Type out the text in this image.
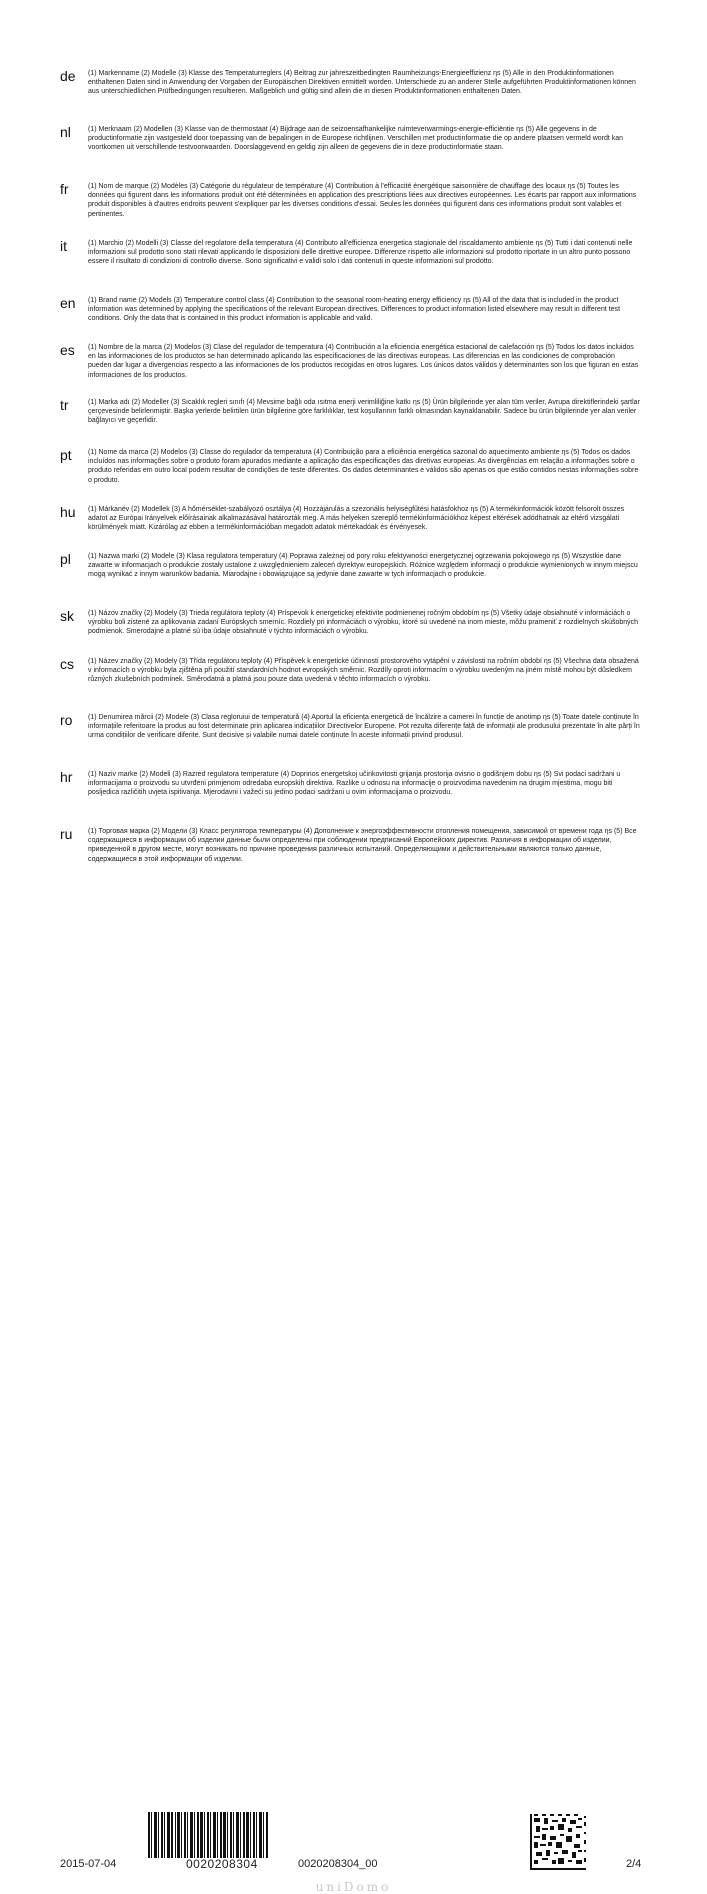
de	(1) Markenname (2) Modelle (3) Klasse des Temperaturreglers (4) Beitrag zur jahreszeitbedingten Raumheizungs-Energieeffizienz ηs (5) Alle in den Produktinformationen enthaltenen Daten sind in Anwendung der Vorgaben der Europäischen Direktiven ermittelt worden. Unterschiede zu an anderer Stelle aufgeführten Produktinformationen können aus unterschiedlichen Prüfbedingungen resultieren. Maßgeblich und gültig sind allein die in diesen Produktinformationen enthaltenen Daten.
nl	(1) Merknaam (2) Modellen (3) Klasse van de thermostaat (4) Bijdrage aan de seizoensafhankelijke ruimteverwarmings-energie-efficiëntie ηs (5) Alle gegevens in de productinformatie zijn vastgesteld door toepassing van de bepalingen in de Europese richtlijnen. Verschillen met productinformatie die op andere plaatsen vermeld wordt kan voortkomen uit verschillende testvoorwaarden. Doorslaggevend en geldig zijn alleen de gegevens die in deze productinformatie staan.
fr	(1) Nom de marque (2) Modèles (3) Catégorie du régulateur de température (4) Contribution à l'efficacité énergétique saisonnière de chauffage des locaux ηs (5) Toutes les données qui figurent dans les informations produit ont été déterminées en application des prescriptions liées aux directives européennes. Les écarts par rapport aux informations produit disponibles à d'autres endroits peuvent s'expliquer par les diverses conditions d'essai. Seules les données qui figurent dans ces informations produit sont valables et pertinentes.
it	(1) Marchio (2) Modelli (3) Classe del regolatore della temperatura (4) Contributo all'efficienza energetica stagionale del riscaldamento ambiente ηs (5) Tutti i dati contenuti nelle informazioni sul prodotto sono stati rilevati applicando le disposizioni delle direttive europee. Differenze rispetto alle informazioni sul prodotto riportate in un altro punto possono essere il risultato di condizioni di controllo diverse. Sono significativi e validi solo i dati contenuti in queste informazioni sul prodotto.
en	(1) Brand name (2) Models (3) Temperature control class (4) Contribution to the seasonal room-heating energy efficiency ηs (5) All of the data that is included in the product information was determined by applying the specifications of the relevant European directives. Differences to product information listed elsewhere may result in different test conditions. Only the data that is contained in this product information is applicable and valid.
es	(1) Nombre de la marca (2) Modelos (3) Clase del regulador de temperatura (4) Contribución a la eficiencia energética estacional de calefacción ηs (5) Todos los datos incluidos en las informaciones de los productos se han determinado aplicando las especificaciones de las directivas europeas. Las diferencias en las condiciones de comprobación pueden dar lugar a divergencias respecto a las informaciones de los productos recogidas en otros lugares. Los únicos datos válidos y determinantes son los que figuran en estas informaciones de los productos.
tr	(1) Marka adı (2) Modeller (3) Sıcaklık regleri sınıfı (4) Mevsime bağlı oda ısıtma enerji verimliliğine katkı ηs (5) Ürün bilgilerinde yer alan tüm veriler, Avrupa direktiflerindeki şartlar çerçevesinde belirlenmiştir. Başka yerlerde belirtilen ürün bilgilerine göre farklılıklar, test koşullarının farklı olmasından kaynaklanabilir. Sadece bu ürün bilgilerinde yer alan veriler bağlayıcı ve geçerlidir.
pt	(1) Nome da marca (2) Modelos (3) Classe do regulador da temperatura (4) Contribuição para a eficiência energética sazonal do aquecimento ambiente ηs (5) Todos os dados incluídos nas informações sobre o produto foram apurados mediante a aplicação das especificações das diretivas europeias. As divergências em relação a informações sobre o produto referidas em outro local podem resultar de condições de teste diferentes. Os dados determinantes e válidos são apenas os que estão contidos nestas informações sobre o produto.
hu	(1) Márkanév (2) Modellek (3) A hőmérséklet-szabályozó osztálya (4) Hozzájárulás a szezonális helyiségfűtési hatásfokhoz ηs (5) A termékinformációk között felsorolt összes adatot az Európai Irányelvek előírásainak alkalmazásával határozták meg. A más helyeken szereplő termékinformációkhoz képest eltérések adódhatnak az eltérő vizsgálati körülmények miatt. Kizárólag az ebben a termékinformációban megadott adatok mértékadóak és érvényesek.
pl	(1) Nazwa marki (2) Modele (3) Klasa regulatora temperatury (4) Poprawa zależnej od pory roku efektywności energetycznej ogrzewania pokojowego ηs (5) Wszystkie dane zawarte w informacjach o produkcie zostały ustalone z uwzględnieniem zaleceń dyrektyw europejskich. Różnice względem informacji o produkcie wymienionych w innym miejscu mogą wynikać z innym warunków badania. Miarodajne i obowiązujące są jedynie dane zawarte w tych informacjach o produkcie.
sk	(1) Názov značky (2) Modely (3) Trieda regulátora teploty (4) Príspevok k energetickej efektivite podmienenej ročným obdobím ηs (5) Všetky údaje obsiahnuté v informáciách o výrobku boli zistené za aplikovania zadaní Európskych smerníc. Rozdiely pri informáciách o výrobku, ktoré sú uvedené na inom mieste, môžu prameniť z rozdielnych skúšobných podmienok. Smerodajné a platné sú iba údaje obsiahnuté v týchto informáciách o výrobku.
cs	(1) Název značky (2) Modely (3) Třída regulátoru teploty (4) Příspěvek k energetické účinnosti prostorového vytápění v závislosti na ročním období ηs (5) Všechna data obsažená v informacích o výrobku byla zjištěna při použití standardních hodnot evropských směrnic. Rozdíly oproti informacím o výrobku uvedeným na jiném místě mohou být důsledkem různých zkušebních podmínek. Směrodatná a platná jsou pouze data uvedená v těchto informacích o výrobku.
ro	(1) Denumirea mărcii (2) Modele (3) Clasa regloruiui de temperatură (4) Aportul la eficiența energetică de încălzire a camerei în funcție de anotimp ηs (5) Toate datele conținute în informațiile referitoare la produs au fost determinate prin aplicarea indicațiilor Directivelor Europene. Pot rezulta diferențe față de informații ale produsului prezentate în alte părți în urma condițiilor de verificare diferite. Sunt decisive și valabile numai datele conținute în aceste informații privind produsul.
hr	(1) Naziv marke (2) Modeli (3) Razred regulatora temperature (4) Doprinos energetskoj učinkovitosti grijanja prostorija ovisno o godišnjem dobu ηs (5) Svi podaci sadržani u informacijama o proizvodu su utvrđeni primjenom odredaba europskih direktiva. Razlike u odnosu na informacije o proizvodima navedenim na drugim mjestima, mogu biti posljedica različitih uvjeta ispitivanja. Mjerodavni i važeći su jedino podaci sadržani u ovim informacijama o proizvodu.
ru	(1) Торговая марка (2) Модели (3) Класс регулятора температуры (4) Дополнение к энергоэффективности отопления помещения, зависимой от времени года ηs (5) Все содержащиеся в информации об изделии данные были определены при соблюдении предписаний Европейских директив. Различия в информации об изделии, приведенной в другом месте, могут возникать по причине проведения различных испытаний. Определяющими и действительными являются только данные, содержащиеся в этой информации об изделии.
2015-07-04	0020208304	0020208304_00	2/4
uniDomo
